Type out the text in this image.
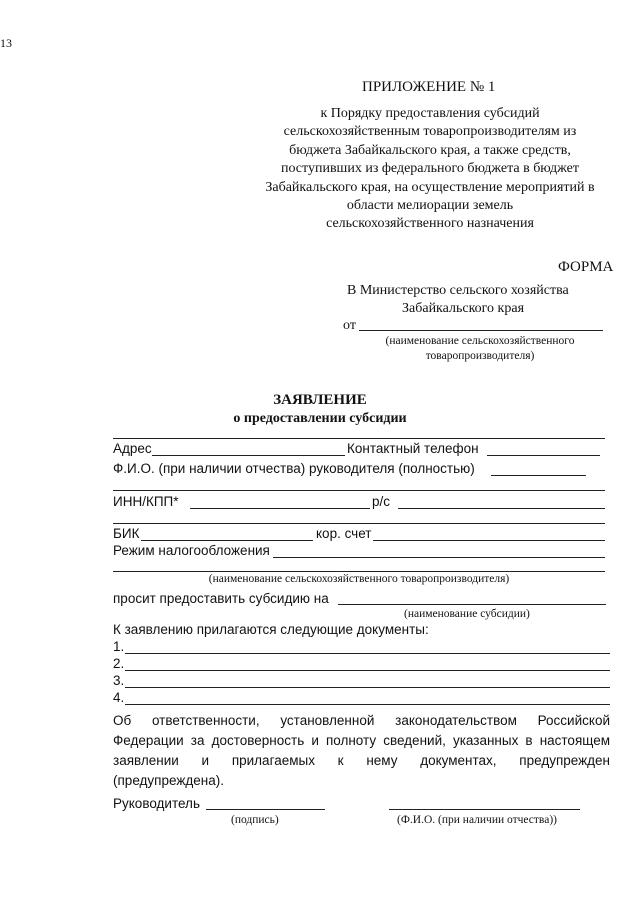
13
ПРИЛОЖЕНИЕ № 1
к Порядку предоставления субсидий
сельскохозяйственным товаропроизводителям из
бюджета Забайкальского края, а также средств,
поступивших из федерального бюджета в бюджет
Забайкальского края, на осуществление мероприятий в
области мелиорации земель
сельскохозяйственного назначения
ФОРМА
В Министерство сельского хозяйства
Забайкальского края
от
(наименование сельскохозяйственного
товаропроизводителя)
ЗАЯВЛЕНИЕ
о предоставлении субсидии
Адрес	Контактный телефон
Ф.И.О. (при наличии отчества) руководителя (полностью)
ИНН/КПП*	р/с
БИК	кор. счет
Режим налогообложения
(наименование сельскохозяйственного товаропроизводителя)
просит предоставить субсидию на
(наименование субсидии)
К заявлению прилагаются следующие документы:
1.
2.
3.
4.
Об ответственности, установленной законодательством Российской Федерации за достоверность и полноту сведений, указанных в настоящем заявлении и прилагаемых к нему документах, предупрежден (предупреждена).
Руководитель
(подпись)	(Ф.И.О. (при наличии отчества))
